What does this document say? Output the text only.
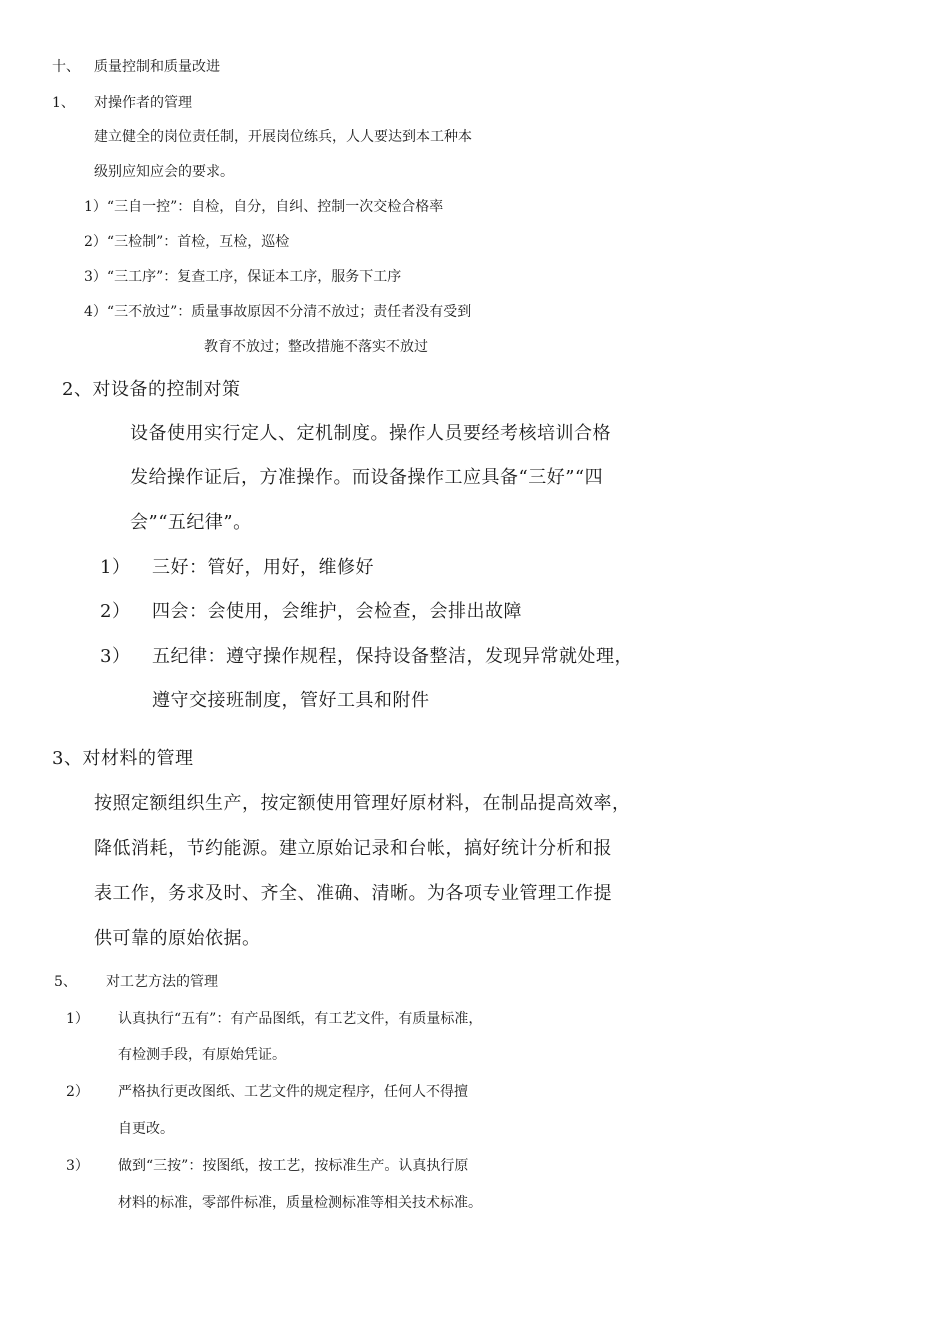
十、 质量控制和质量改进
1、 对操作者的管理
建立健全的岗位责任制，开展岗位练兵，人人要达到本工种本
级别应知应会的要求。
1）“三自一控”：自检，自分，自纠、控制一次交检合格率
2）“三检制”：首检，互检，巡检
3）“三工序”：复查工序，保证本工序，服务下工序
4）“三不放过”：质量事故原因不分清不放过；责任者没有受到
教育不放过；整改措施不落实不放过
2、对设备的控制对策
设备使用实行定人、定机制度。操作人员要经考核培训合格
发给操作证后，方准操作。而设备操作工应具备“三好”“四
会”“五纪律”。
1） 三好：管好，用好，维修好
2） 四会：会使用，会维护，会检查，会排出故障
3） 五纪律：遵守操作规程，保持设备整洁，发现异常就处理，
遵守交接班制度，管好工具和附件
3、对材料的管理
按照定额组织生产，按定额使用管理好原材料，在制品提高效率，
降低消耗，节约能源。建立原始记录和台帐，搞好统计分析和报
表工作，务求及时、齐全、准确、清晰。为各项专业管理工作提
供可靠的原始依据。
5、 对工艺方法的管理
1） 认真执行“五有”：有产品图纸，有工艺文件，有质量标准，
有检测手段，有原始凭证。
2） 严格执行更改图纸、工艺文件的规定程序，任何人不得擅
自更改。
3） 做到“三按”：按图纸，按工艺，按标准生产。认真执行原
材料的标准，零部件标准，质量检测标准等相关技术标准。
